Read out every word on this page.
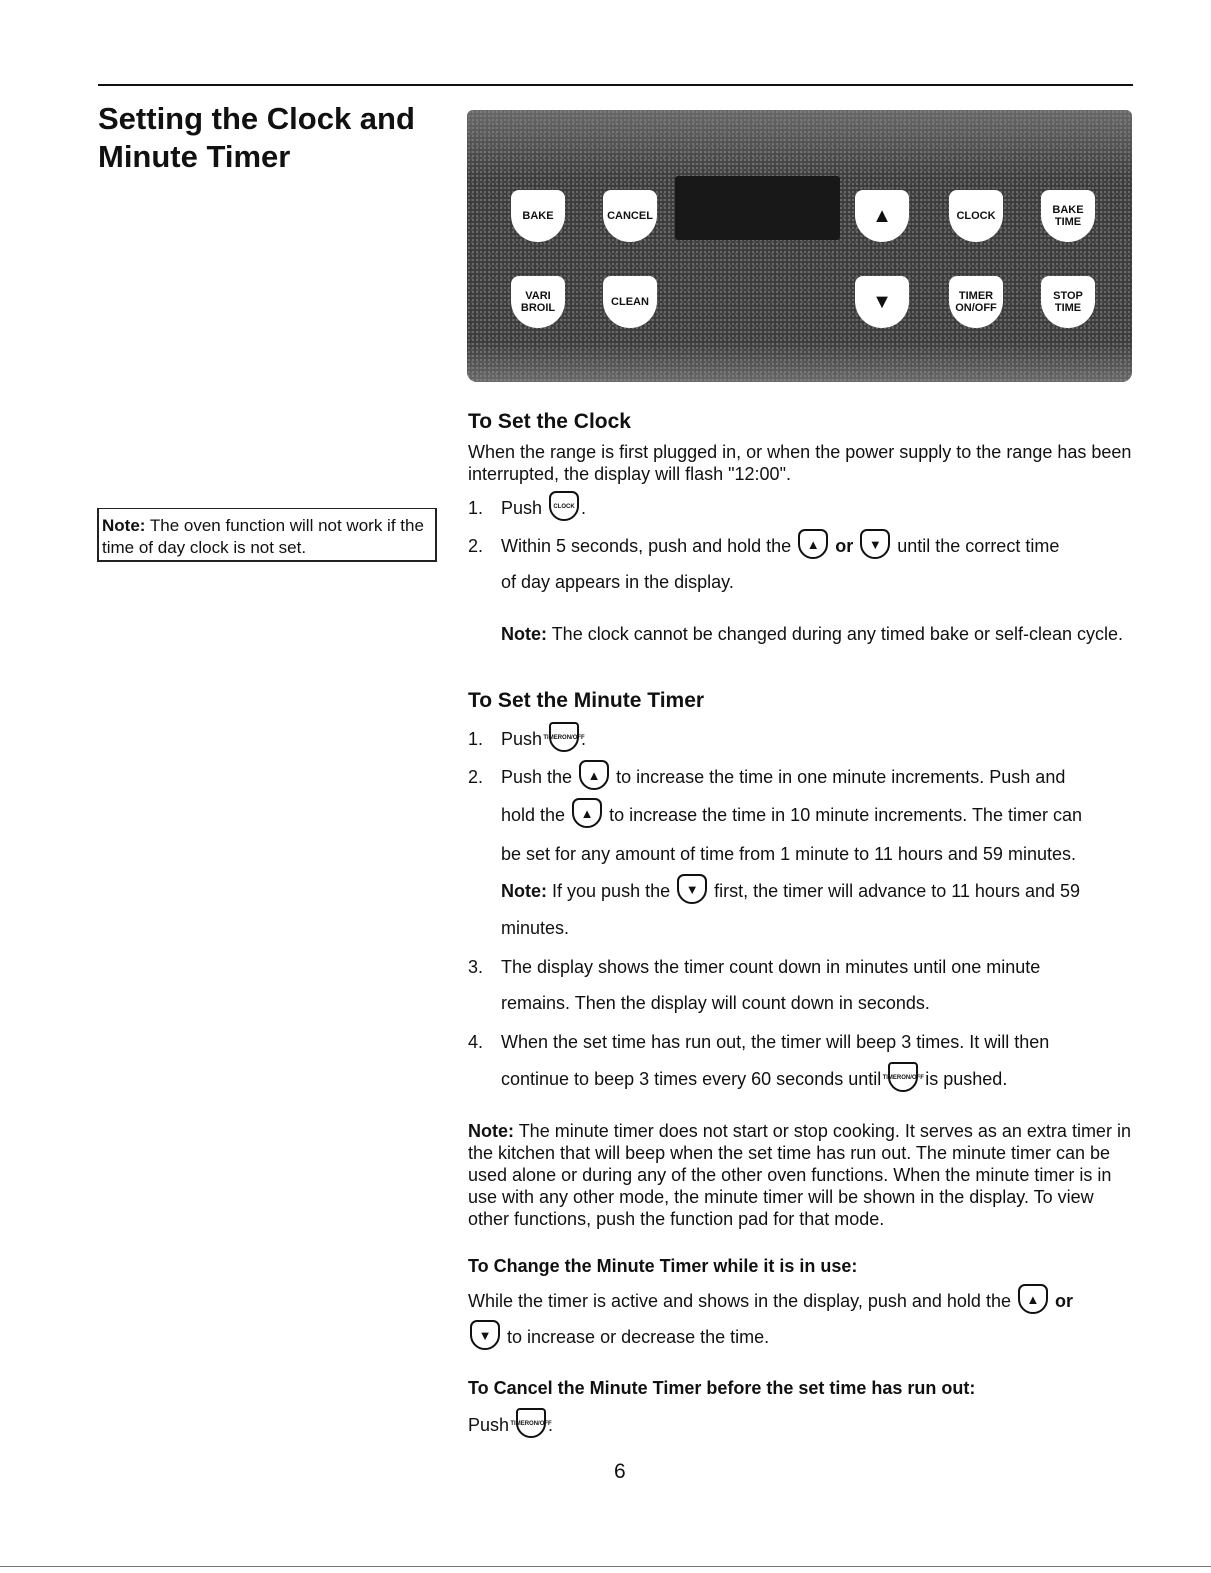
Setting the Clock and Minute Timer
Note: The oven function will not work if the time of day clock is not set.
BAKE	CANCEL	▲	CLOCK	BAKE TIME
VARI BROIL	CLEAN	▼	TIMER ON/OFF
STOP TIME
To Set the Clock
When the range is first plugged in, or when the power supply to the range has been interrupted, the display will flash "12:00".
1. Push CLOCK .
2. Within 5 seconds, push and hold the ▲ or ▼ until the correct time
of day appears in the display.
Note: The clock cannot be changed during any timed bake or self-clean cycle.
To Set the Minute Timer
1. Push TIMER ON/OFF
.
2. Push the ▲ to increase the time in one minute increments. Push and
hold the ▲ to increase the time in 10 minute increments. The timer can
be set for any amount of time from 1 minute to 11 hours and 59 minutes.
Note: If you push the ▼ first, the timer will advance to 11 hours and 59
minutes.
3. The display shows the timer count down in minutes until one minute
remains. Then the display will count down in seconds.
4. When the set time has run out, the timer will beep 3 times. It will then
continue to beep 3 times every 60 seconds until TIMER ON/OFF is pushed.
Note: The minute timer does not start or stop cooking. It serves as an extra timer in the kitchen that will beep when the set time has run out. The minute timer can be used alone or during any of the other oven functions. When the minute timer is in use with any other mode, the minute timer will be shown in the display. To view other functions, push the function pad for that mode.
To Change the Minute Timer while it is in use:
While the timer is active and shows in the display, push and hold the ▲ or
▼ to increase or decrease the time.
To Cancel the Minute Timer before the set time has run out:
Push TIMER ON/OFF
.
6
